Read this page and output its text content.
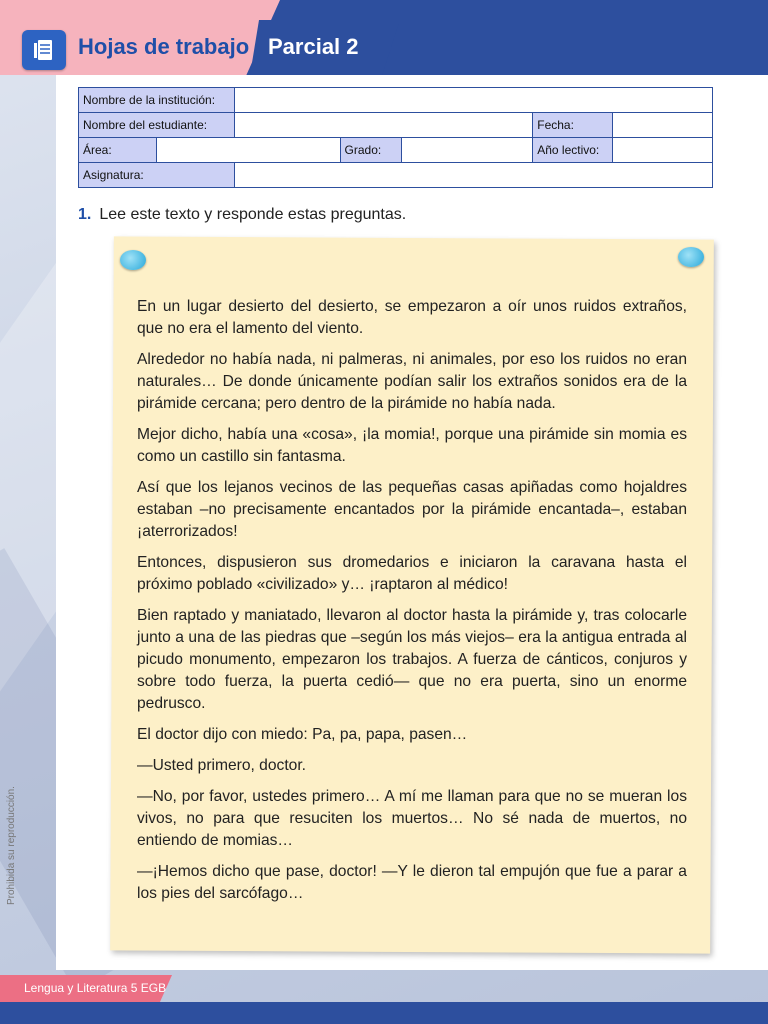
Hojas de trabajo Parcial 2
Nombre de la institución:					
Nombre del estudiante:				Fecha:	
Área:	Grado:			Año lectivo:	
Asignatura:					
1. Lee este texto y responde estas preguntas.

En un lugar desierto del desierto, se empezaron a oír unos ruidos extraños, que no era el lamento del viento.

Alrededor no había nada, ni palmeras, ni animales, por eso los ruidos no eran naturales… De donde únicamente podían salir los extraños sonidos era de la pirámide cercana; pero dentro de la pirámide no había nada.

Mejor dicho, había una «cosa», ¡la momia!, porque una pirámide sin momia es como un castillo sin fantasma.

Así que los lejanos vecinos de las pequeñas casas apiñadas como hojaldres estaban –no precisamente encantados por la pirámide encantada–, estaban ¡aterrorizados!

Entonces, dispusieron sus dromedarios e iniciaron la caravana hasta el próximo poblado «civilizado» y… ¡raptaron al médico!

Bien raptado y maniatado, llevaron al doctor hasta la pirámide y, tras colocarle junto a una de las piedras que –según los más viejos– era la antigua entrada al picudo monumento, empezaron los trabajos. A fuerza de cánticos, conjuros y sobre todo fuerza, la puerta cedió— que no era puerta, sino un enorme pedrusco.

El doctor dijo con miedo: Pa, pa, papa, pasen…

—Usted primero, doctor.

—No, por favor, ustedes primero… A mí me llaman para que no se mueran los vivos, no para que resuciten los muertos… No sé nada de muertos, no entiendo de momias…

—¡Hemos dicho que pase, doctor! —Y le dieron tal empujón que fue a parar a los pies del sarcófago…

Prohibida su reproducción.
Lengua y Literatura 5 EGB
